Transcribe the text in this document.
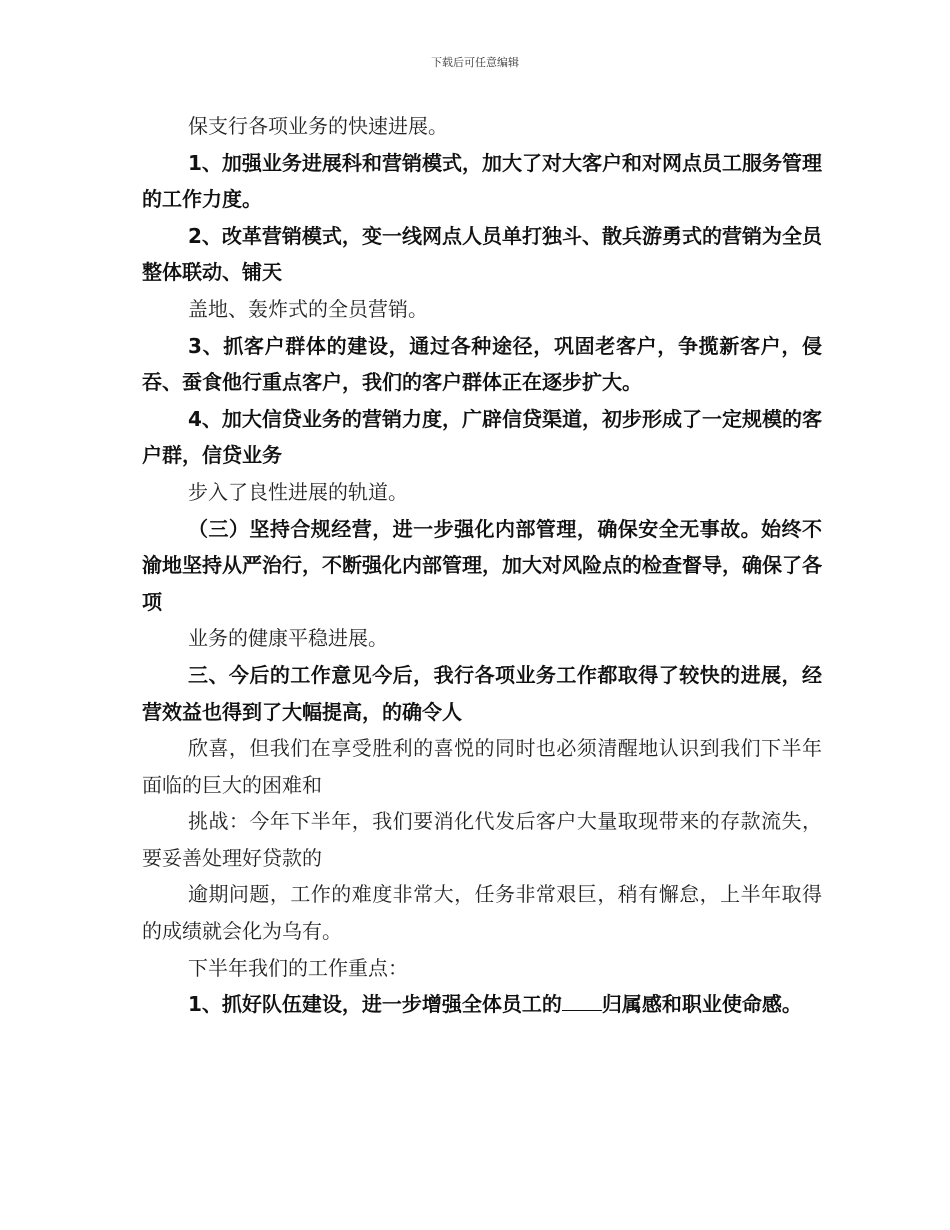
下载后可任意编辑

保支行各项业务的快速进展。

1、加强业务进展科和营销模式，加大了对大客户和对网点员工服务管理的工作力度。

2、改革营销模式，变一线网点人员单打独斗、散兵游勇式的营销为全员整体联动、铺天

盖地、轰炸式的全员营销。

3、抓客户群体的建设，通过各种途径，巩固老客户，争揽新客户，侵吞、蚕食他行重点客户，我们的客户群体正在逐步扩大。

4、加大信贷业务的营销力度，广辟信贷渠道，初步形成了一定规模的客户群，信贷业务

步入了良性进展的轨道。

（三）坚持合规经营，进一步强化内部管理，确保安全无事故。始终不渝地坚持从严治行，不断强化内部管理，加大对风险点的检查督导，确保了各项

业务的健康平稳进展。

三、今后的工作意见今后，我行各项业务工作都取得了较快的进展，经营效益也得到了大幅提高，的确令人

欣喜，但我们在享受胜利的喜悦的同时也必须清醒地认识到我们下半年面临的巨大的困难和

挑战：今年下半年，我们要消化代发后客户大量取现带来的存款流失，要妥善处理好贷款的

逾期问题，工作的难度非常大，任务非常艰巨，稍有懈怠，上半年取得的成绩就会化为乌有。

下半年我们的工作重点：

1、抓好队伍建设，进一步增强全体员工的 归属感和职业使命感。
